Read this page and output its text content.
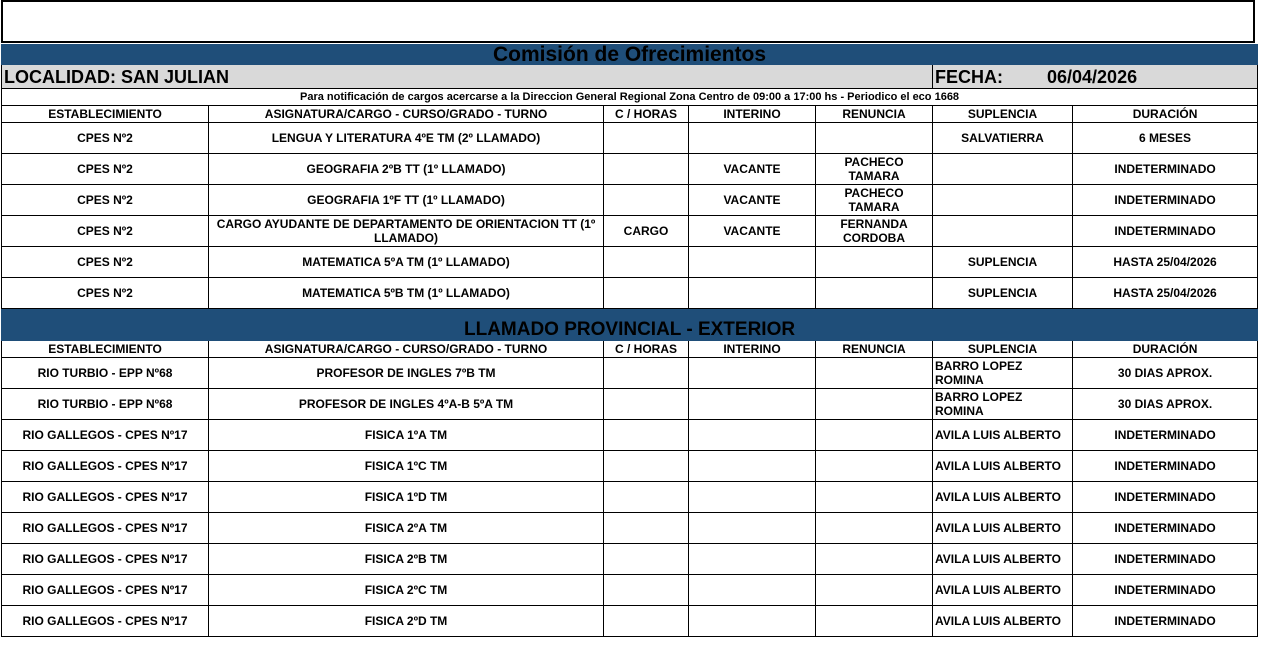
Comisión de Ofrecimientos						

LOCALIDAD: SAN JULIAN					FECHA: 06/04/2026	
Para notificación de cargos acercarse a la Direccion General Regional Zona Centro de 09:00 a 17:00 hs - Periodico el eco 1668						
ESTABLECIMIENTO	ASIGNATURA/CARGO - CURSO/GRADO - TURNO	C / HORAS	INTERINO	RENUNCIA	SUPLENCIA	DURACIÓN
CPES Nº2	LENGUA Y LITERATURA 4ºE TM (2º LLAMADO)				SALVATIERRA	6 MESES
CPES Nº2	GEOGRAFIA 2ºB TT (1º LLAMADO)		VACANTE	PACHECO TAMARA		INDETERMINADO
CPES Nº2	GEOGRAFIA 1ºF TT (1º LLAMADO)		VACANTE	PACHECO TAMARA		INDETERMINADO
CPES Nº2	CARGO AYUDANTE DE DEPARTAMENTO DE ORIENTACION TT (1º LLAMADO)	CARGO	VACANTE	FERNANDA CORDOBA		INDETERMINADO
CPES Nº2	MATEMATICA 5ºA TM (1º LLAMADO)				SUPLENCIA	HASTA 25/04/2026
CPES Nº2	MATEMATICA 5ºB TM (1º LLAMADO)				SUPLENCIA	HASTA 25/04/2026

LLAMADO PROVINCIAL - EXTERIOR						

ESTABLECIMIENTO	ASIGNATURA/CARGO - CURSO/GRADO - TURNO	C / HORAS	INTERINO	RENUNCIA	SUPLENCIA	DURACIÓN
RIO TURBIO - EPP Nº68	PROFESOR DE INGLES 7ºB TM				BARRO LOPEZ ROMINA	30 DIAS APROX.
RIO TURBIO - EPP Nº68	PROFESOR DE INGLES 4ºA-B 5ºA TM				BARRO LOPEZ ROMINA	30 DIAS APROX.
RIO GALLEGOS - CPES Nº17	FISICA 1ºA TM				AVILA LUIS ALBERTO	INDETERMINADO
RIO GALLEGOS - CPES Nº17	FISICA 1ºC TM				AVILA LUIS ALBERTO	INDETERMINADO
RIO GALLEGOS - CPES Nº17	FISICA 1ºD TM				AVILA LUIS ALBERTO	INDETERMINADO
RIO GALLEGOS - CPES Nº17	FISICA 2ºA TM				AVILA LUIS ALBERTO	INDETERMINADO
RIO GALLEGOS - CPES Nº17	FISICA 2ºB TM				AVILA LUIS ALBERTO	INDETERMINADO
RIO GALLEGOS - CPES Nº17	FISICA 2ºC TM				AVILA LUIS ALBERTO	INDETERMINADO
RIO GALLEGOS - CPES Nº17	FISICA 2ºD TM				AVILA LUIS ALBERTO	INDETERMINADO
